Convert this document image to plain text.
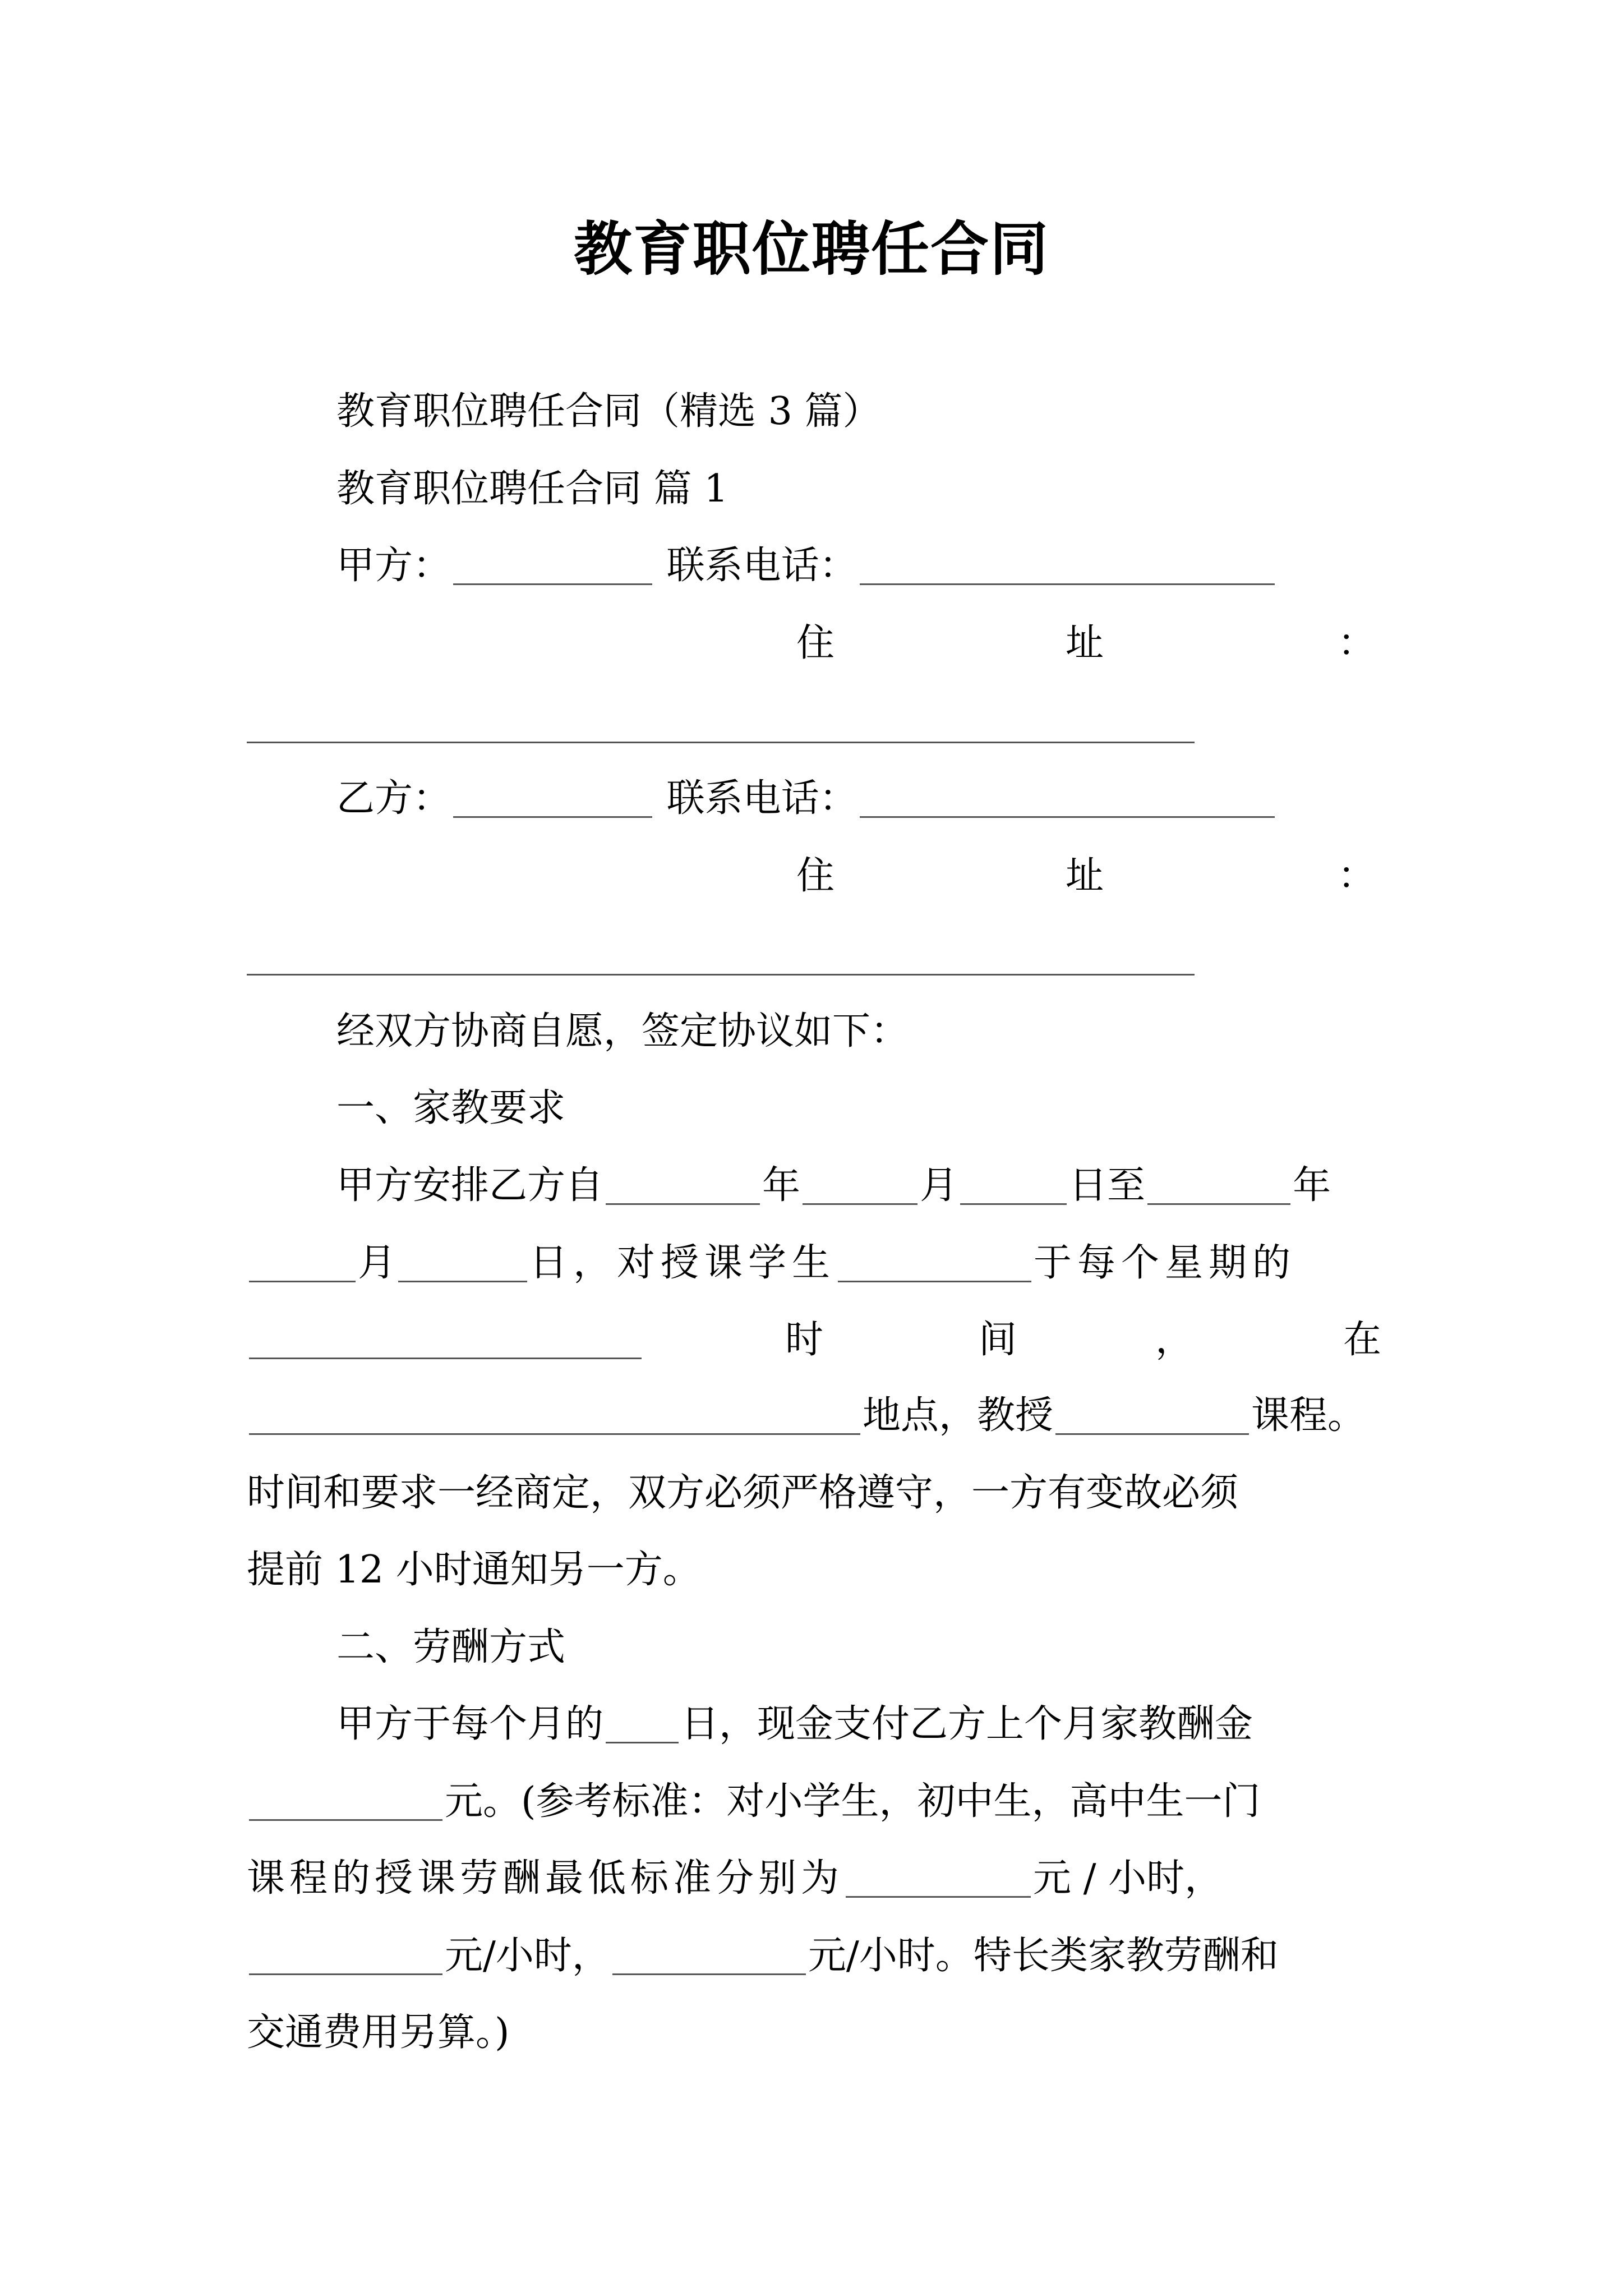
教育职位聘任合同
教育职位聘任合同（精选 3 篇）
教育职位聘任合同 篇 1
甲方：	联系电话：
住	址	：
乙方：	联系电话：
住	址	：
经双方协商自愿，签定协议如下：
一、家教要求
甲方安排乙方自	年	月	日至	年
月	日，对授课学生	于每个星期的
时	间	，	在
地点，教授	课程。
时间和要求一经商定，双方必须严格遵守，一方有变故必须
提前 12 小时通知另一方。
二、劳酬方式
甲方于每个月的 日，现金支付乙方上个月家教酬金
元。(参考标准：对小学生，初中生，高中生一门
课程的授课劳酬最低标准分别为	元 / 小时，
元/小时，	元/小时。特长类家教劳酬和
交通费用另算。)
